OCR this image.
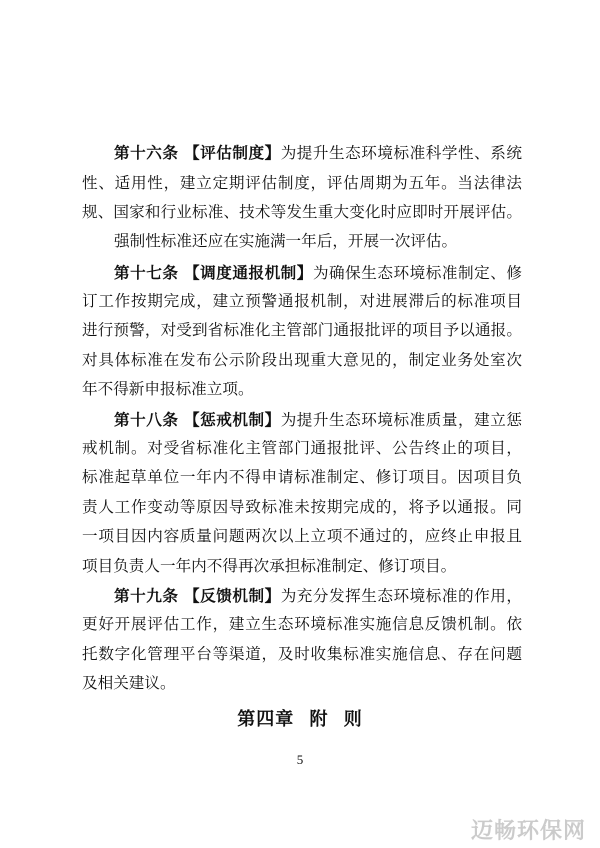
第十六条 【评估制度】为提升生态环境标准科学性、系统
性、适用性，建立定期评估制度，评估周期为五年。当法律法
规、国家和行业标准、技术等发生重大变化时应即时开展评估。
强制性标准还应在实施满一年后，开展一次评估。
第十七条 【调度通报机制】为确保生态环境标准制定、修
订工作按期完成，建立预警通报机制，对进展滞后的标准项目
进行预警，对受到省标准化主管部门通报批评的项目予以通报。
对具体标准在发布公示阶段出现重大意见的，制定业务处室次
年不得新申报标准立项。
第十八条 【惩戒机制】为提升生态环境标准质量，建立惩
戒机制。对受省标准化主管部门通报批评、公告终止的项目，
标准起草单位一年内不得申请标准制定、修订项目。因项目负
责人工作变动等原因导致标准未按期完成的，将予以通报。同
一项目因内容质量问题两次以上立项不通过的，应终止申报且
项目负责人一年内不得再次承担标准制定、修订项目。
第十九条 【反馈机制】为充分发挥生态环境标准的作用，
更好开展评估工作，建立生态环境标准实施信息反馈机制。依
托数字化管理平台等渠道，及时收集标准实施信息、存在问题
及相关建议。
第四章 附 则
5
迈畅环保网
